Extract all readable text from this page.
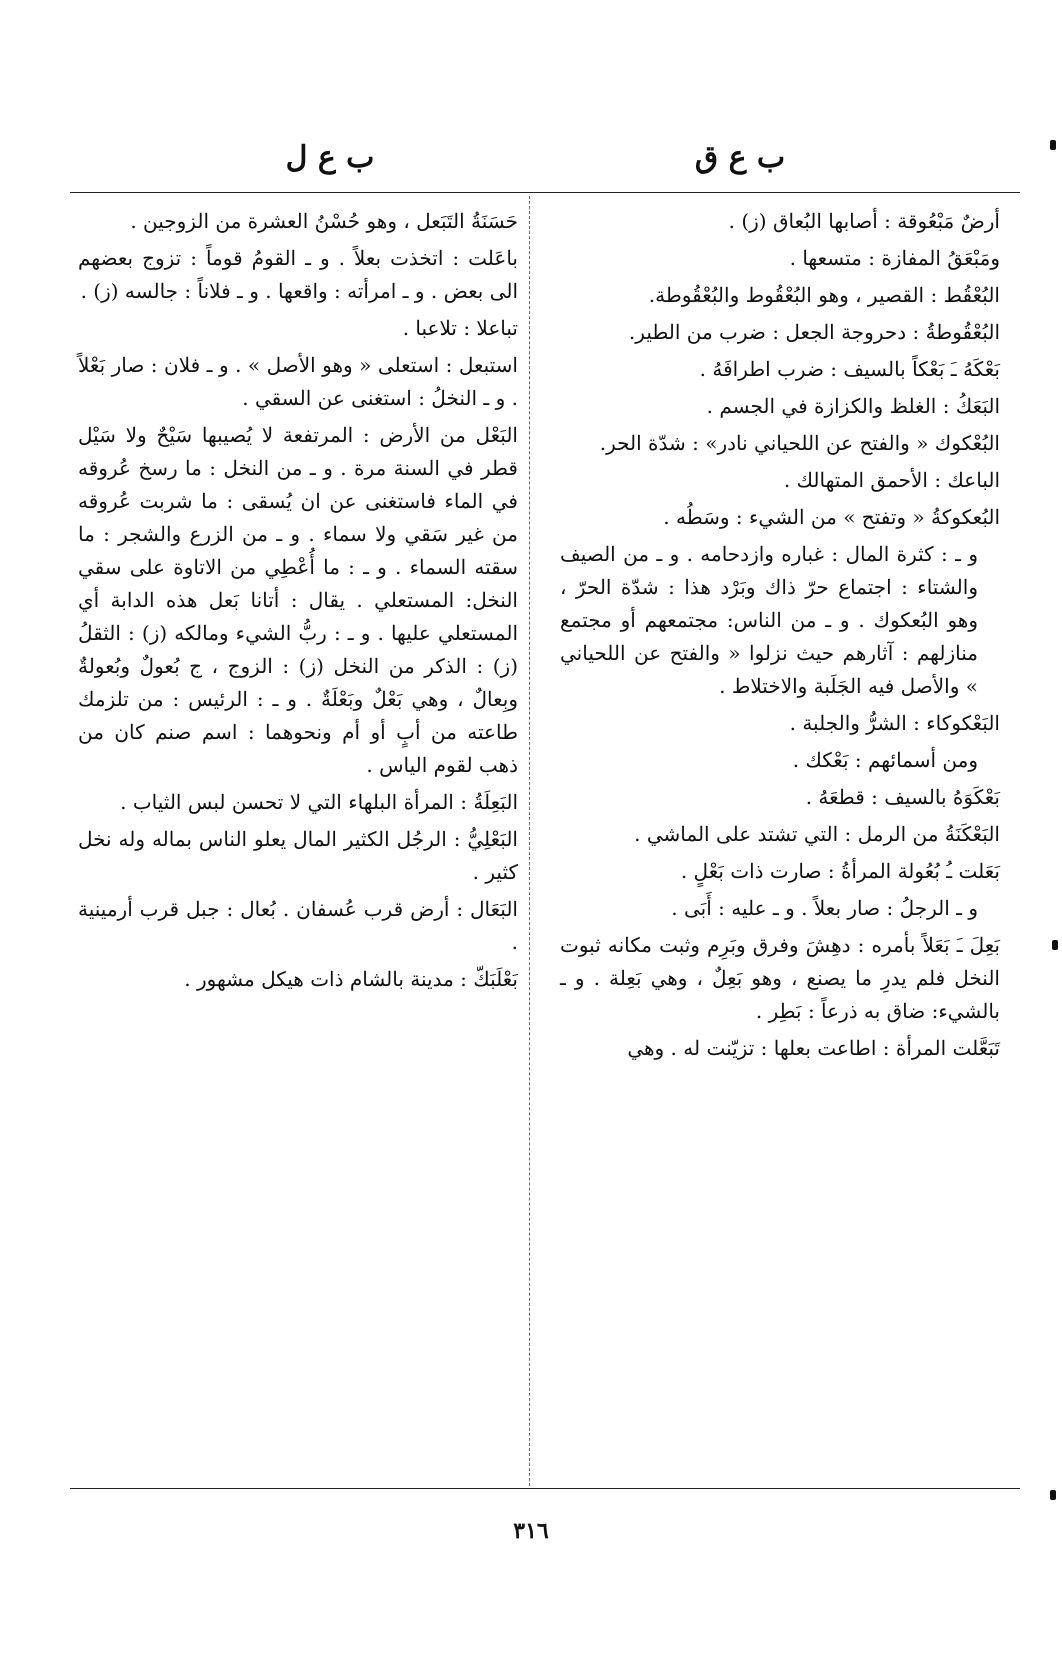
ب ع ق
ب ع ل

أرضٌ مَبْعُوقة : أصابها البُعاق (ز) .

ومَبْعَقُ المفازة : متسعها .

البُعْقُط : القصير ، وهو البُعْقُوط والبُعْقُوطة.

البُعْقُوطةُ : دحروجة الجعل : ضرب من الطير.

بَعْكَهُ ـَ بَعْكاً بالسيف : ضرب اطرافَهُ .

البَعَكُ : الغلظ والكزازة في الجسم .

البُعْكوك « والفتح عن اللحياني نادر» : شدّة الحر.

الباعك : الأحمق المتهالك .

البُعكوكةُ « وتفتح » من الشيء : وسَطُه .

و ـ : كثرة المال : غباره وازدحامه . و ـ من الصيف والشتاء : اجتماع حرّ ذاك وبَرْد هذا : شدّة الحرّ ، وهو البُعكوك . و ـ من الناس: مجتمعهم أو مجتمع منازلهم : آثارهم حيث نزلوا « والفتح عن اللحياني » والأصل فيه الجَلَبة والاختلاط .

البَعْكوكاء : الشرُّ والجلبة .

ومن أسمائهم : بَعْكك .

بَعْكَوَهُ بالسيف : قطعَهُ .

البَعْكَنَةُ من الرمل : التي تشتد على الماشي .

بَعَلت ـُ بُعُولة المرأةُ : صارت ذات بَعْلٍ .

و ـ الرجلُ : صار بعلاً . و ـ عليه : أَبَى .

بَعِلَ ـَ بَعَلاً بأمره : دهِشَ وفرق وبَرِم وثبت مكانه ثبوت النخل فلم يدرِ ما يصنع ، وهو بَعِلٌ ، وهي بَعِلة . و ـ بالشيء: ضاق به ذرعاً : بَطِر .

تَبَعَّلت المرأة : اطاعت بعلها : تزيّنت له . وهي

حَسَنَةُ التَبَعل ، وهو حُسْنُ العشرة من الزوجين .

باعَلت : اتخذت بعلاً . و ـ القومُ قوماً : تزوج بعضهم الى بعض . و ـ امرأته : واقعها . و ـ فلاناً : جالسه (ز) .

تباعلا : تلاعبا .

استبعل : استعلى « وهو الأصل » . و ـ فلان : صار بَعْلاً . و ـ النخلُ : استغنى عن السقي .

البَعْل من الأرض : المرتفعة لا يُصيبها سَيْحٌ ولا سَيْل قطر في السنة مرة . و ـ من النخل : ما رسخ عُروقه في الماء فاستغنى عن ان يُسقى : ما شربت عُروقه من غير سَقي ولا سماء . و ـ من الزرع والشجر : ما سقته السماء . و ـ : ما أُعْطِي من الاتاوة على سقي النخل: المستعلي . يقال : أتانا بَعل هذه الدابة أي المستعلي عليها . و ـ : ربُّ الشيء ومالكه (ز) : الثقلُ (ز) : الذكر من النخل (ز) : الزوج ، ج بُعولٌ وبُعولةٌ وبِعالٌ ، وهي بَعْلٌ وبَعْلَةٌ . و ـ : الرئيس : من تلزمك طاعته من أبٍ أو أم ونحوهما : اسم صنم كان من ذهب لقوم الياس .

البَعِلَةُ : المرأة البلهاء التي لا تحسن لبس الثياب .

البَعْلِيُّ : الرجُل الكثير المال يعلو الناس بماله وله نخل كثير .

البَعَال : أرض قرب عُسفان . بُعال : جبل قرب أرمينية .

بَعْلَبَكّ : مدينة بالشام ذات هيكل مشهور .

٣١٦
